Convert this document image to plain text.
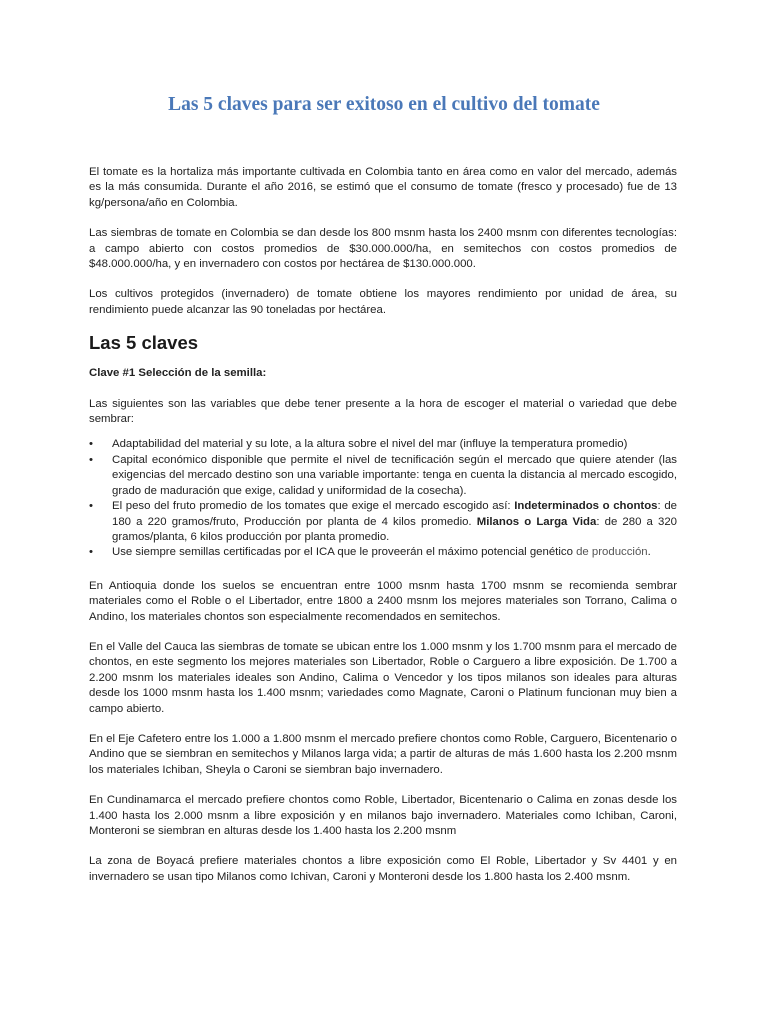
Las 5 claves para ser exitoso en el cultivo del tomate

El tomate es la hortaliza más importante cultivada en Colombia tanto en área como en valor del mercado, además es la más consumida. Durante el año 2016, se estimó que el consumo de tomate (fresco y procesado) fue de 13 kg/persona/año en Colombia.

Las siembras de tomate en Colombia se dan desde los 800 msnm hasta los 2400 msnm con diferentes tecnologías: a campo abierto con costos promedios de $30.000.000/ha, en semitechos con costos promedios de $48.000.000/ha, y en invernadero con costos por hectárea de $130.000.000.

Los cultivos protegidos (invernadero) de tomate obtiene los mayores rendimiento por unidad de área, su rendimiento puede alcanzar las 90 toneladas por hectárea.

Las 5 claves

Clave #1 Selección de la semilla:

Las siguientes son las variables que debe tener presente a la hora de escoger el material o variedad que debe sembrar:

• Adaptabilidad del material y su lote, a la altura sobre el nivel del mar (influye la temperatura promedio)
• Capital económico disponible que permite el nivel de tecnificación según el mercado que quiere atender (las exigencias del mercado destino son una variable importante: tenga en cuenta la distancia al mercado escogido, grado de maduración que exige, calidad y uniformidad de la cosecha).
• El peso del fruto promedio de los tomates que exige el mercado escogido así: Indeterminados o chontos: de 180 a 220 gramos/fruto, Producción por planta de 4 kilos promedio. Milanos o Larga Vida: de 280 a 320 gramos/planta, 6 kilos producción por planta promedio.
• Use siempre semillas certificadas por el ICA que le proveerán el máximo potencial genético de producción.

En Antioquia donde los suelos se encuentran entre 1000 msnm hasta 1700 msnm se recomienda sembrar materiales como el Roble o el Libertador, entre 1800 a 2400 msnm los mejores materiales son Torrano, Calima o Andino, los materiales chontos son especialmente recomendados en semitechos.

En el Valle del Cauca las siembras de tomate se ubican entre los 1.000 msnm y los 1.700 msnm para el mercado de chontos, en este segmento los mejores materiales son Libertador, Roble o Carguero a libre exposición. De 1.700 a 2.200 msnm los materiales ideales son Andino, Calima o Vencedor y los tipos milanos son ideales para alturas desde los 1000 msnm hasta los 1.400 msnm; variedades como Magnate, Caroni o Platinum funcionan muy bien a campo abierto.

En el Eje Cafetero entre los 1.000 a 1.800 msnm el mercado prefiere chontos como Roble, Carguero, Bicentenario o Andino que se siembran en semitechos y Milanos larga vida; a partir de alturas de más 1.600 hasta los 2.200 msnm los materiales Ichiban, Sheyla o Caroni se siembran bajo invernadero.

En Cundinamarca el mercado prefiere chontos como Roble, Libertador, Bicentenario o Calima en zonas desde los 1.400 hasta los 2.000 msnm a libre exposición y en milanos bajo invernadero. Materiales como Ichiban, Caroni, Monteroni se siembran en alturas desde los 1.400 hasta los 2.200 msnm

La zona de Boyacá prefiere materiales chontos a libre exposición como El Roble, Libertador y Sv 4401 y en invernadero se usan tipo Milanos como Ichivan, Caroni y Monteroni desde los 1.800 hasta los 2.400 msnm.
